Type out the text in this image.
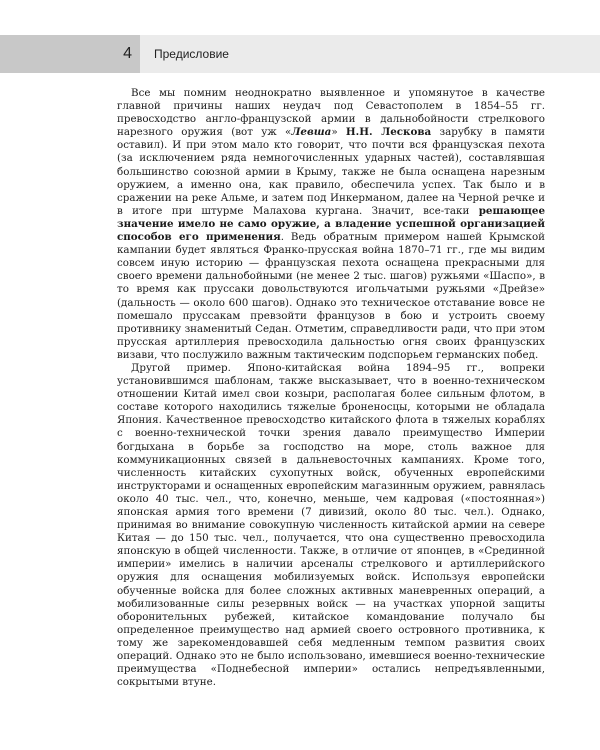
4 Предисловие

Все мы помним неоднократно выявленное и упомянутое в качестве главной причины наших неудач под Севастополем в 1854–55 гг. превосходство англо-французской армии в дальнобойности стрелкового нарезного оружия (вот уж «Левша» Н.Н. Лескова зарубку в памяти оставил). И при этом мало кто говорит, что почти вся французская пехота (за исключением ряда немногочисленных ударных частей), составлявшая большинство союзной армии в Крыму, также не была оснащена нарезным оружием, а именно она, как правило, обеспечила успех. Так было и в сражении на реке Альме, и затем под Инкерманом, далее на Черной речке и в итоге при штурме Малахова кургана. Значит, все-таки решающее значение имело не само оружие, а владение успешной организацией способов его применения. Ведь обратным примером нашей Крымской кампании будет являться Франко-прусская война 1870–71 гг., где мы видим совсем иную историю — французская пехота оснащена прекрасными для своего времени дальнобойными (не менее 2 тыс. шагов) ружьями «Шаспо», в то время как пруссаки довольствуются игольчатыми ружьями «Дрейзе» (дальность — около 600 шагов). Однако это техническое отставание вовсе не помешало пруссакам превзойти французов в бою и устроить своему противнику знаменитый Седан. Отметим, справедливости ради, что при этом прусская артиллерия превосходила дальностью огня своих французских визави, что послужило важным тактическим подспорьем германских побед.

Другой пример. Японо-китайская война 1894–95 гг., вопреки установившимся шаблонам, также высказывает, что в военно-техническом отношении Китай имел свои козыри, располагая более сильным флотом, в составе которого находились тяжелые броненосцы, которыми не обладала Япония. Качественное превосходство китайского флота в тяжелых кораблях с военно-технической точки зрения давало преимущество Империи богдыхана в борьбе за господство на море, столь важное для коммуникационных связей в дальневосточных кампаниях. Кроме того, численность китайских сухопутных войск, обученных европейскими инструкторами и оснащенных европейским магазинным оружием, равнялась около 40 тыс. чел., что, конечно, меньше, чем кадровая («постоянная») японская армия того времени (7 дивизий, около 80 тыс. чел.). Однако, принимая во внимание совокупную численность китайской армии на севере Китая — до 150 тыс. чел., получается, что она существенно превосходила японскую в общей численности. Также, в отличие от японцев, в «Срединной империи» имелись в наличии арсеналы стрелкового и артиллерийского оружия для оснащения мобилизуемых войск. Используя европейски обученные войска для более сложных активных маневренных операций, а мобилизованные силы резервных войск — на участках упорной защиты оборонительных рубежей, китайское командование получало бы определенное преимущество над армией своего островного противника, к тому же зарекомендовавшей себя медленным темпом развития своих операций. Однако это не было использовано, имевшиеся военно-технические преимущества «Поднебесной империи» остались непредъявленными, сокрытыми втуне.
